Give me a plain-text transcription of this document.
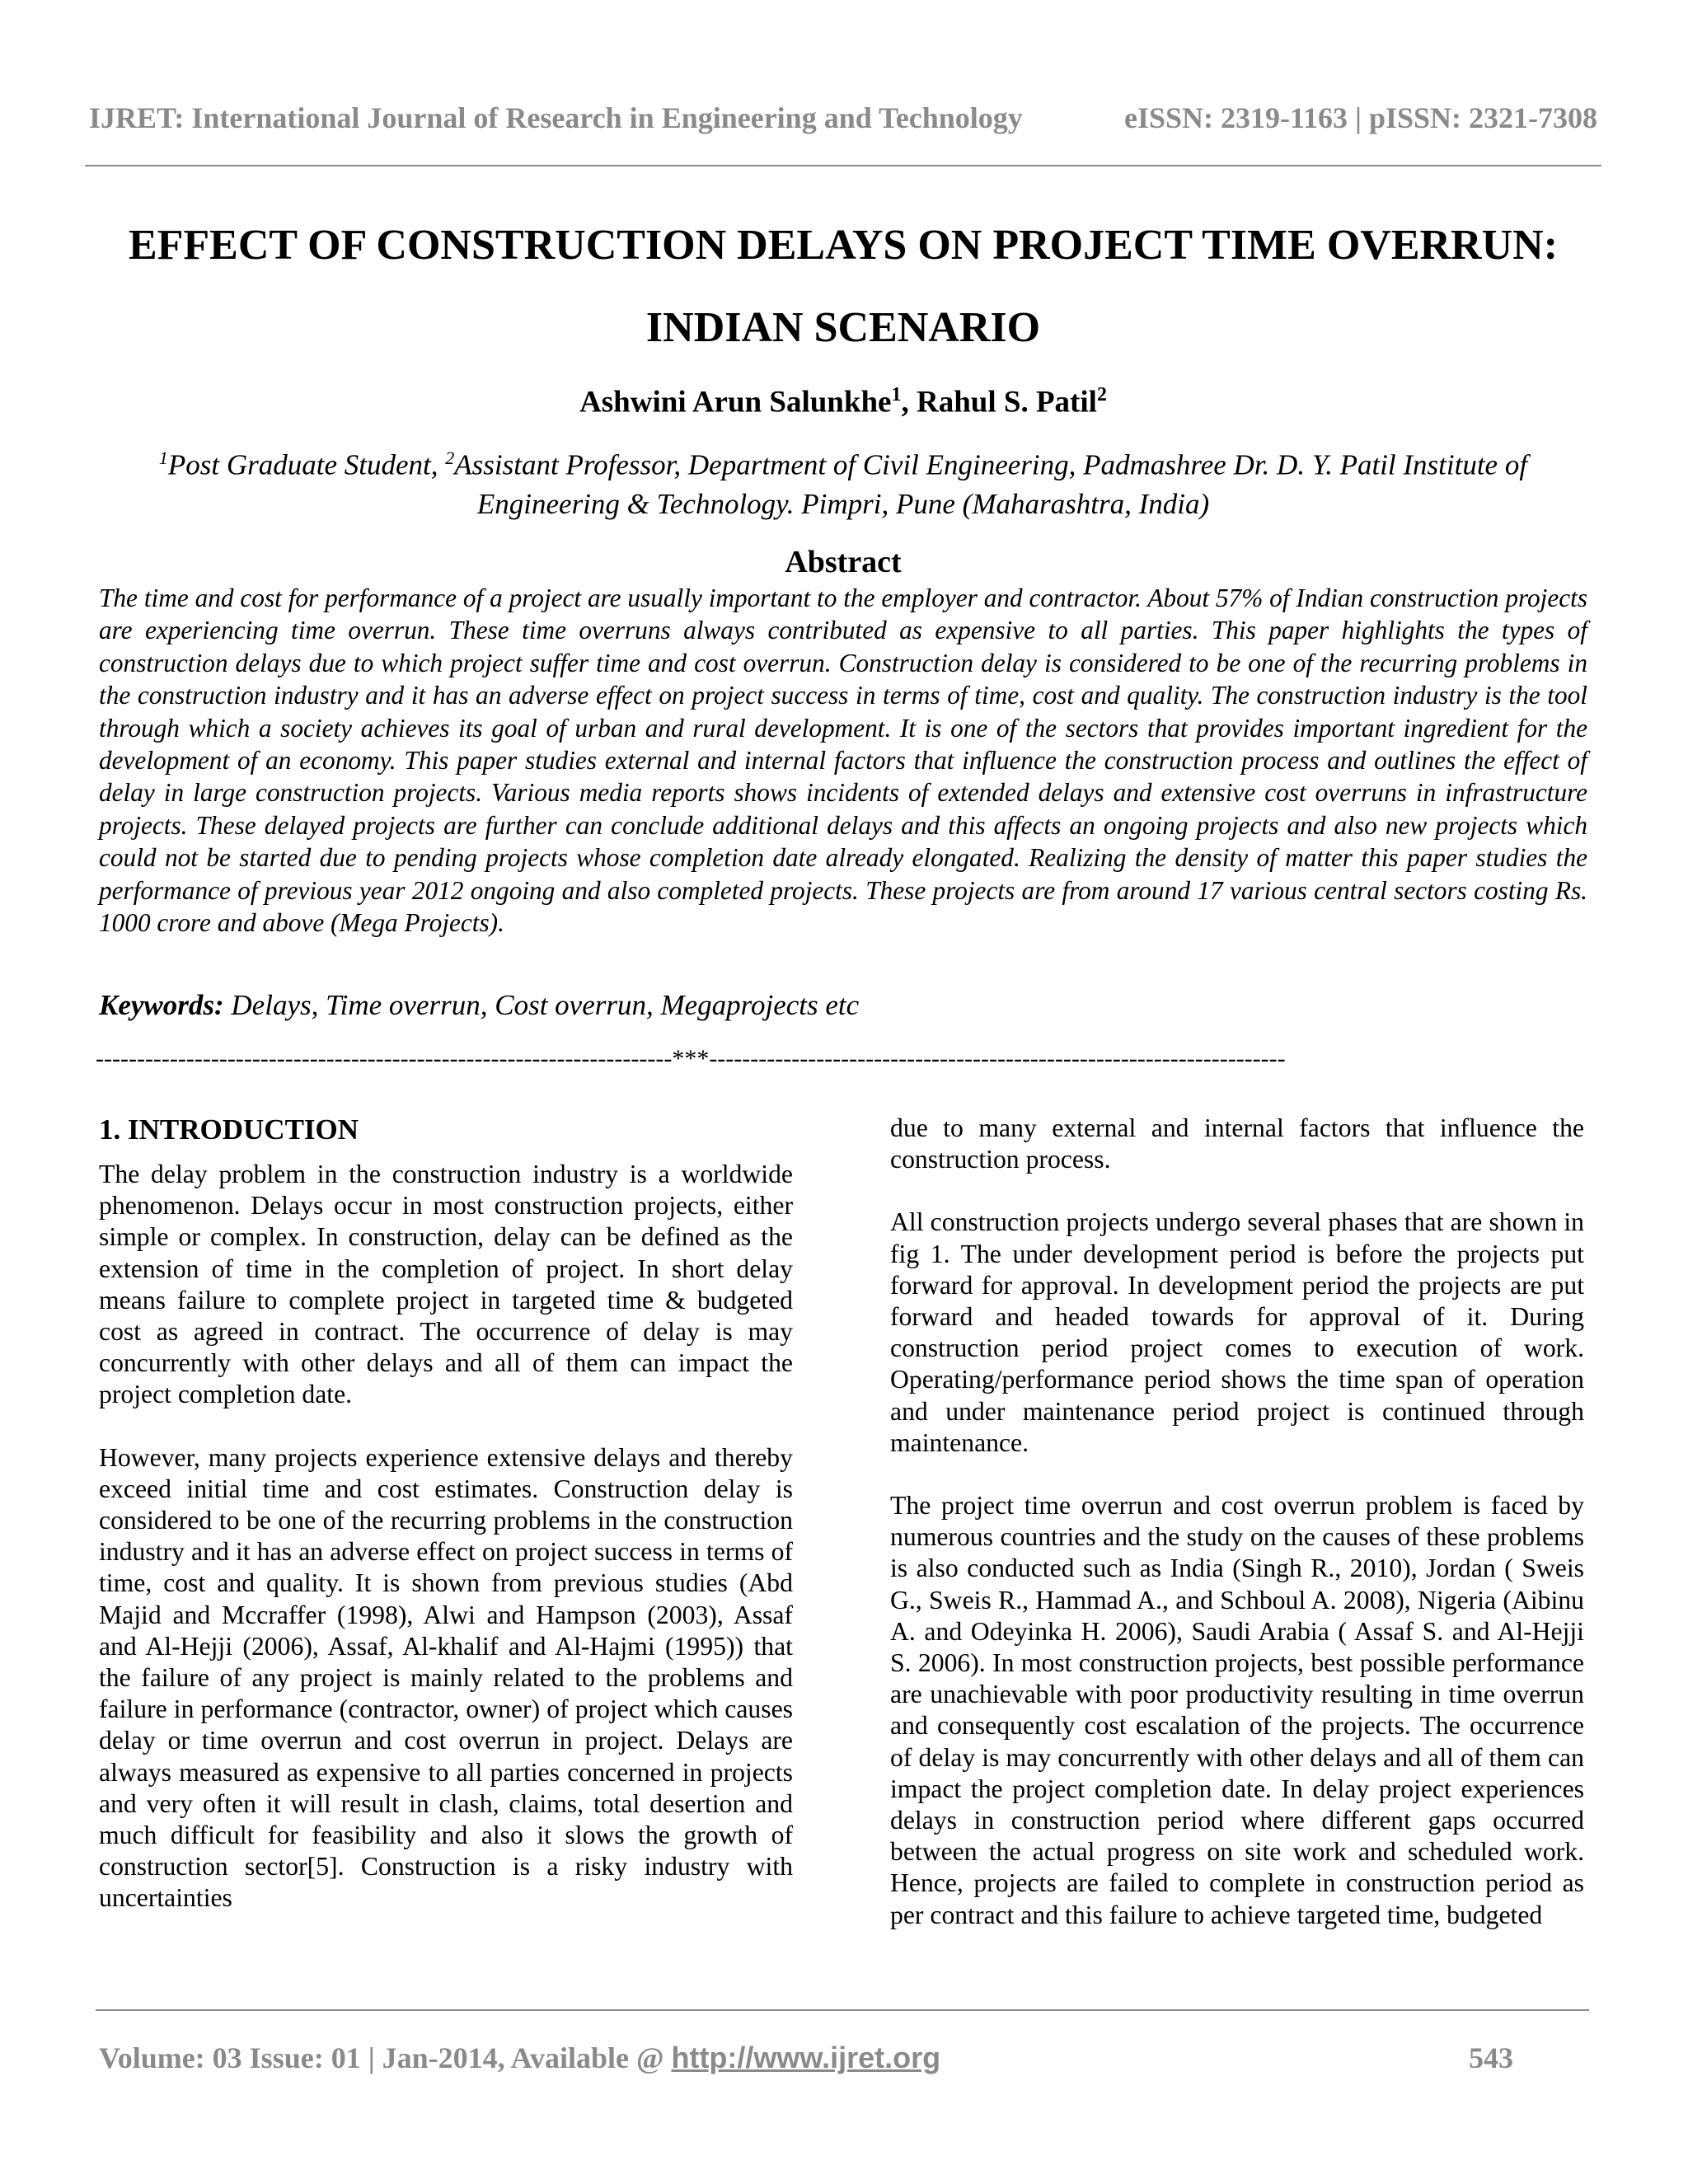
IJRET: International Journal of Research in Engineering and Technology	eISSN: 2319-1163 | pISSN: 2321-7308
EFFECT OF CONSTRUCTION DELAYS ON PROJECT TIME OVERRUN:
INDIAN SCENARIO
Ashwini Arun Salunkhe$^1$, Rahul S. Patil$^2$
$^1$Post Graduate Student, $^2$Assistant Professor, Department of Civil Engineering, Padmashree Dr. D. Y. Patil Institute of Engineering & Technology. Pimpri, Pune (Maharashtra, India)
Abstract

The time and cost for performance of a project are usually important to the employer and contractor. About 57% of Indian construction projects are experiencing time overrun. These time overruns always contributed as expensive to all parties. This paper highlights the types of construction delays due to which project suffer time and cost overrun. Construction delay is considered to be one of the recurring problems in the construction industry and it has an adverse effect on project success in terms of time, cost and quality. The construction industry is the tool through which a society achieves its goal of urban and rural development. It is one of the sectors that provides important ingredient for the development of an economy. This paper studies external and internal factors that influence the construction process and outlines the effect of delay in large construction projects. Various media reports shows incidents of extended delays and extensive cost overruns in infrastructure projects. These delayed projects are further can conclude additional delays and this affects an ongoing projects and also new projects which could not be started due to pending projects whose completion date already elongated. Realizing the density of matter this paper studies the performance of previous year 2012 ongoing and also completed projects. These projects are from around 17 various central sectors costing Rs. 1000 crore and above (Mega Projects).

Keywords: Delays, Time overrun, Cost overrun, Megaprojects etc
----------------------------------------------------------------------***----------------------------------------------------------------------
1. INTRODUCTION

The delay problem in the construction industry is a worldwide phenomenon. Delays occur in most construction projects, either simple or complex. In construction, delay can be defined as the extension of time in the completion of project. In short delay means failure to complete project in targeted time & budgeted cost as agreed in contract. The occurrence of delay is may concurrently with other delays and all of them can impact the project completion date.

However, many projects experience extensive delays and thereby exceed initial time and cost estimates. Construction delay is considered to be one of the recurring problems in the construction industry and it has an adverse effect on project success in terms of time, cost and quality. It is shown from previous studies (Abd Majid and Mccraffer (1998), Alwi and Hampson (2003), Assaf and Al-Hejji (2006), Assaf, Al-khalif and Al-Hajmi (1995)) that the failure of any project is mainly related to the problems and failure in performance (contractor, owner) of project which causes delay or time overrun and cost overrun in project. Delays are always measured as expensive to all parties concerned in projects and very often it will result in clash, claims, total desertion and much difficult for feasibility and also it slows the growth of construction sector[5]. Construction is a risky industry with uncertainties

due to many external and internal factors that influence the construction process.

All construction projects undergo several phases that are shown in fig 1. The under development period is before the projects put forward for approval. In development period the projects are put forward and headed towards for approval of it. During construction period project comes to execution of work. Operating/performance period shows the time span of operation and under maintenance period project is continued through maintenance.

The project time overrun and cost overrun problem is faced by numerous countries and the study on the causes of these problems is also conducted such as India (Singh R., 2010), Jordan ( Sweis G., Sweis R., Hammad A., and Schboul A. 2008), Nigeria (Aibinu A. and Odeyinka H. 2006), Saudi Arabia ( Assaf S. and Al-Hejji S. 2006). In most construction projects, best possible performance are unachievable with poor productivity resulting in time overrun and consequently cost escalation of the projects. The occurrence of delay is may concurrently with other delays and all of them can impact the project completion date. In delay project experiences delays in construction period where different gaps occurred between the actual progress on site work and scheduled work. Hence, projects are failed to complete in construction period as per contract and this failure to achieve targeted time, budgeted

Volume: 03 Issue: 01 | Jan-2014, Available @ http://www.ijret.org	543
